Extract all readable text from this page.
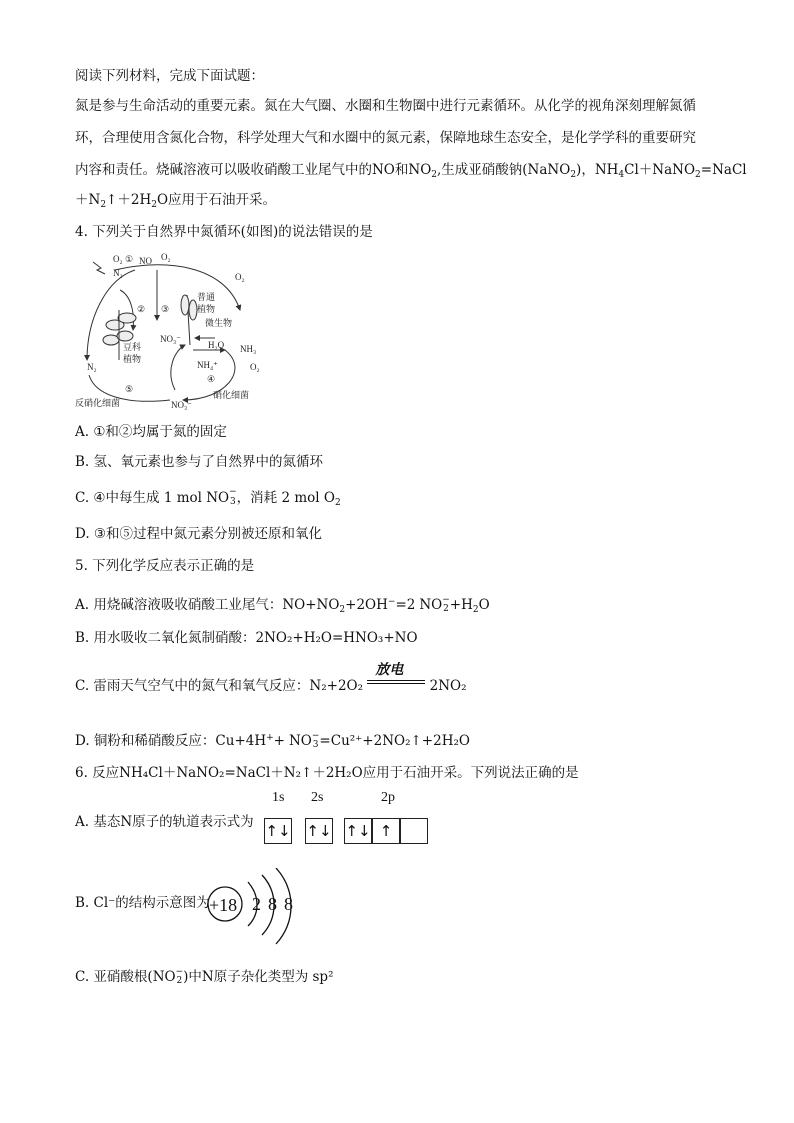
阅读下列材料，完成下面试题：
氮是参与生命活动的重要元素。氮在大气圈、水圈和生物圈中进行元素循环。从化学的视角深刻理解氮循
环，合理使用含氮化合物，科学处理大气和水圈中的氮元素，保障地球生态安全，是化学学科的重要研究
内容和责任。烧碱溶液可以吸收硝酸工业尾气中的NO和$NO_2$,生成亚硝酸钠(NaNO$_2$)，$NH_4Cl+NaNO_2=NaCl$
$+N_2↑+2H_2O$应用于石油开采。
4. 下列关于自然界中氮循环(如图)的说法错误的是
O₂ ① NO O₂
N₂
② ③
普通
植物
微生物
O₂
NO₃⁻
H₂O NH₃
豆科
植物
NH₄⁺
④
O₂
N₂
⑤
反硝化细菌	NO₃⁻
硝化细菌
A. ①和②均属于氮的固定
B. 氢、氧元素也参与了自然界中的氮循环
C. ④中每生成 1 mol NO−
3，消耗 2 mol $O_2$
D. ③和⑤过程中氮元素分别被还原和氧化
5. 下列化学反应表示正确的是
A. 用烧碱溶液吸收硝酸工业尾气：$NO+NO_2+2OH^-=2$ NO−
$2+H_2O$
B. 用水吸收二氧化氮制硝酸：2NO₂+H₂O=HNO₃+NO
C. 雷雨天气空气中的氮气和氧气反应：N₂+2O₂
放电
2NO₂
D. 铜粉和稀硝酸反应：Cu+4H++ NO−
3=Cu²⁺+2NO₂↑+2H₂O
6. 反应NH₄Cl＋NaNO₂=NaCl＋N₂↑＋2H₂O应用于石油开采。下列说法正确的是
A. 基态N原子的轨道表示式为
1s 2s	2p
↑↓ ↑↓ ↑↓ ↑
B. Cl⁻的结构示意图为 +18 2 8 8
C. 亚硝酸根(NO−
2)中N原子杂化类型为 sp²
